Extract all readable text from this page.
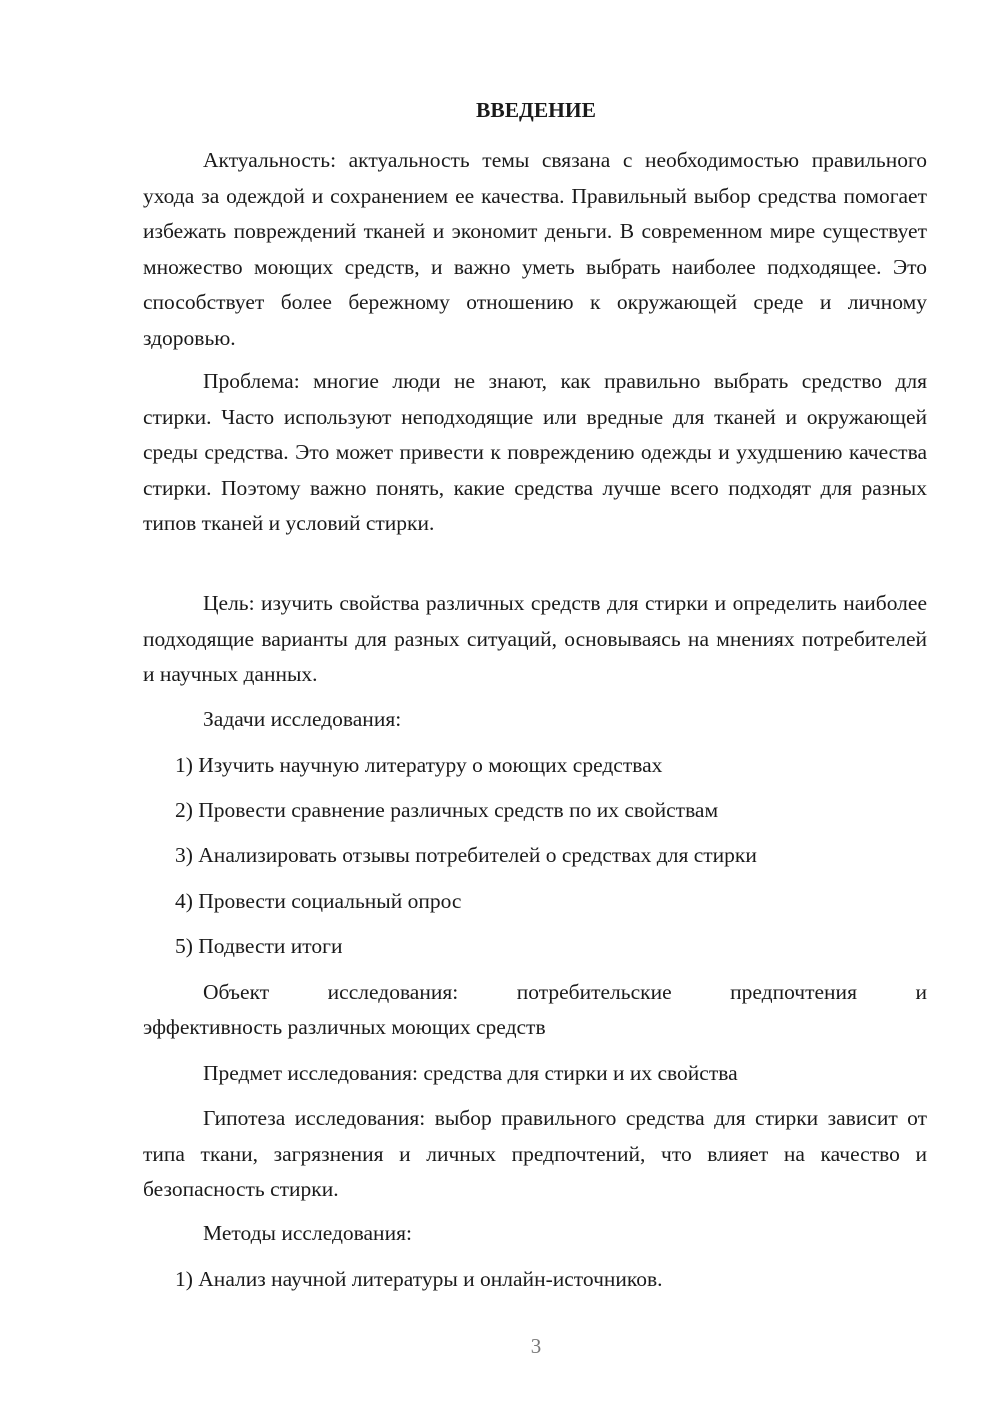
ВВЕДЕНИЕ

Актуальность: актуальность темы связана с необходимостью правильного ухода за одеждой и сохранением ее качества. Правильный выбор средства помогает избежать повреждений тканей и экономит деньги. В современном мире существует множество моющих средств, и важно уметь выбрать наиболее подходящее. Это способствует более бережному отношению к окружающей среде и личному здоровью.

Проблема: многие люди не знают, как правильно выбрать средство для стирки. Часто используют неподходящие или вредные для тканей и окружающей среды средства. Это может привести к повреждению одежды и ухудшению качества стирки. Поэтому важно понять, какие средства лучше всего подходят для разных типов тканей и условий стирки.

Цель: изучить свойства различных средств для стирки и определить наиболее подходящие варианты для разных ситуаций, основываясь на мнениях потребителей и научных данных.

Задачи исследования:

1) Изучить научную литературу о моющих средствах

2) Провести сравнение различных средств по их свойствам

3) Анализировать отзывы потребителей о средствах для стирки

4) Провести социальный опрос

5) Подвести итоги

Объект исследования: потребительские предпочтения и

эффективность различных моющих средств

Предмет исследования: средства для стирки и их свойства

Гипотеза исследования: выбор правильного средства для стирки зависит от типа ткани, загрязнения и личных предпочтений, что влияет на качество и безопасность стирки.

Методы исследования:

1) Анализ научной литературы и онлайн-источников.

3
